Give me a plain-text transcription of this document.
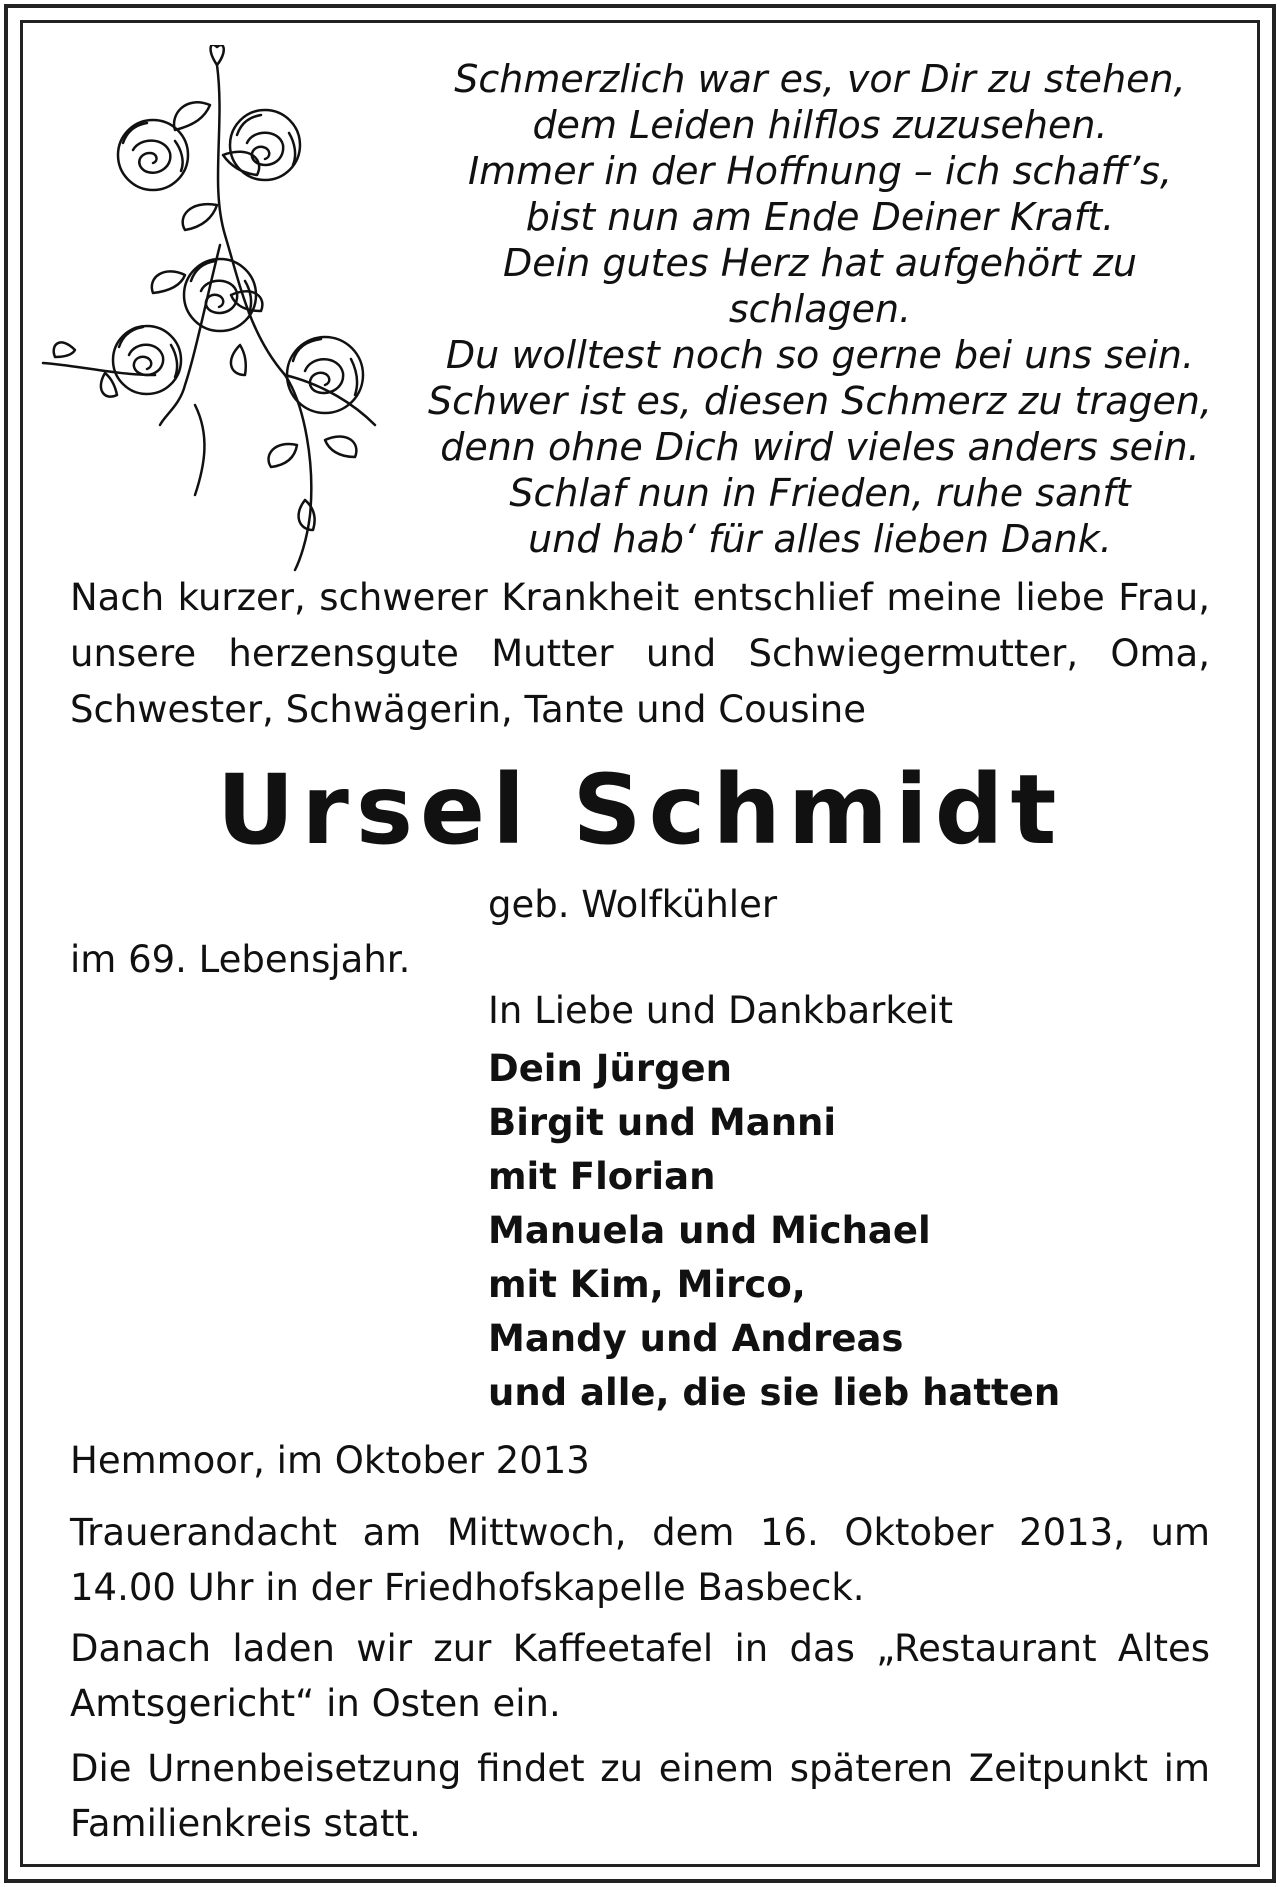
Schmerzlich war es, vor Dir zu stehen,
dem Leiden hilflos zuzusehen.
Immer in der Hoffnung – ich schaff’s,
bist nun am Ende Deiner Kraft.
Dein gutes Herz hat aufgehört zu schlagen.
Du wolltest noch so gerne bei uns sein.
Schwer ist es, diesen Schmerz zu tragen,
denn ohne Dich wird vieles anders sein.
Schlaf nun in Frieden, ruhe sanft
und hab‘ für alles lieben Dank.
Nach kurzer, schwerer Krankheit entschlief meine liebe Frau, unsere herzensgute Mutter und Schwiegermutter, Oma, Schwester, Schwägerin, Tante und Cousine
Ursel Schmidt
geb. Wolfkühler
im 69. Lebensjahr.
In Liebe und Dankbarkeit
Dein Jürgen
Birgit und Manni
mit Florian
Manuela und Michael
mit Kim, Mirco,
Mandy und Andreas
und alle, die sie lieb hatten
Hemmoor, im Oktober 2013
Trauerandacht am Mittwoch, dem 16. Oktober 2013, um 14.00 Uhr in der Friedhofskapelle Basbeck.
Danach laden wir zur Kaffeetafel in das „Restaurant Altes Amtsgericht“ in Osten ein.
Die Urnenbeisetzung findet zu einem späteren Zeitpunkt im Familienkreis statt.
